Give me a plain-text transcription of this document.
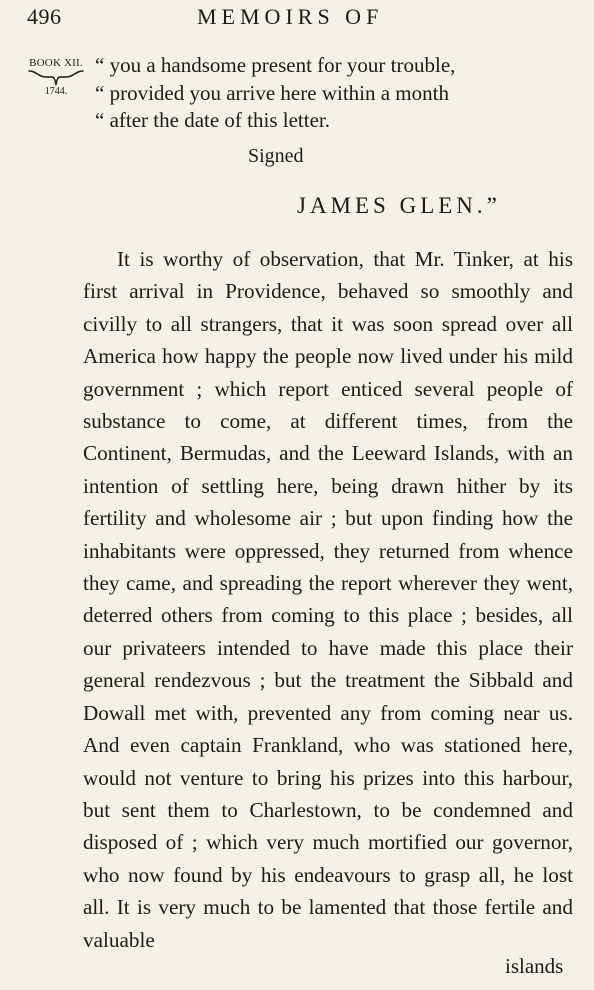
496	MEMOIRS OF
BOOK XII.
1744.
“ you a handsome present for your trouble,
“ provided you arrive here within a month
“ after the date of this letter.
Signed
JAMES GLEN.”
It is worthy of observation, that Mr. Tinker, at his first arrival in Providence, behaved so smoothly and civilly to all strangers, that it was soon spread over all America how happy the people now lived under his mild government ; which report enticed several people of substance to come, at different times, from the Continent, Bermudas, and the Leeward Islands, with an intention of settling here, being drawn hither by its fertility and wholesome air ; but upon finding how the inhabitants were oppressed, they returned from whence they came, and spreading the report wherever they went, deterred others from coming to this place ; besides, all our privateers intended to have made this place their general rendezvous ; but the treatment the Sibbald and Dowall met with, prevented any from coming near us. And even captain Frankland, who was stationed here, would not venture to bring his prizes into this harbour, but sent them to Charlestown, to be condemned and disposed of ; which very much mortified our governor, who now found by his endeavours to grasp all, he lost all. It is very much to be lamented that those fertile and valuable
islands
